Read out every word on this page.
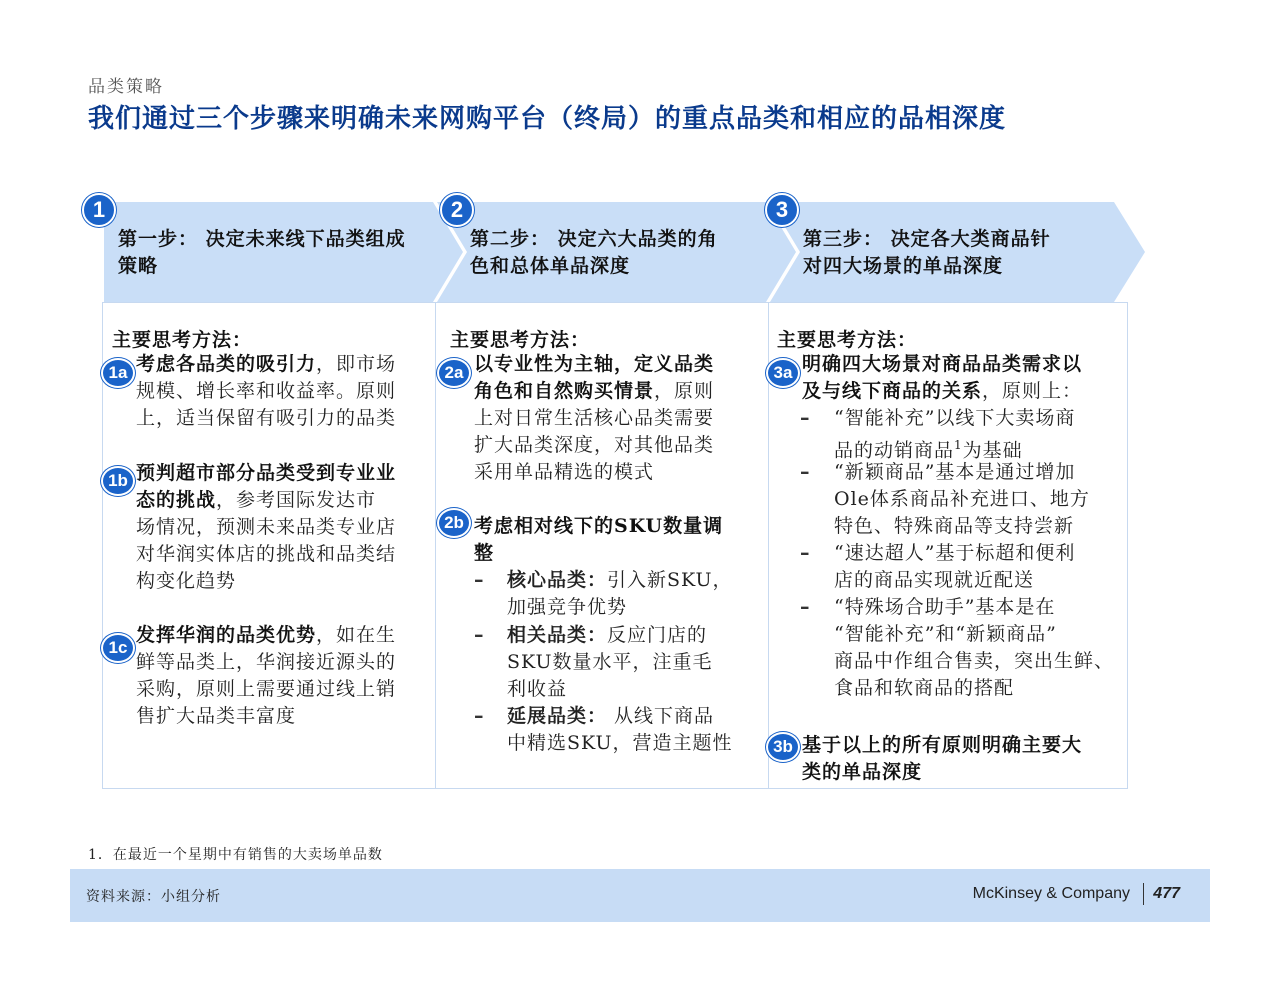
品类策略
我们通过三个步骤来明确未来网购平台（终局）的重点品类和相应的品相深度
1	2	3
第一步： 决定未来线下品类组成
策略
第二步： 决定六大品类的角
色和总体单品深度
第三步： 决定各大类商品针
对四大场景的单品深度
主要思考方法：
1a 考虑各品类的吸引力，即市场
规模、增长率和收益率。原则
上，适当保留有吸引力的品类
1b 预判超市部分品类受到专业业
态的挑战，参考国际发达市
场情况，预测未来品类专业店
对华润实体店的挑战和品类结
构变化趋势
1c
发挥华润的品类优势，如在生
鲜等品类上，华润接近源头的
采购，原则上需要通过线上销
售扩大品类丰富度
主要思考方法：
2a 以专业性为主轴，定义品类
角色和自然购买情景，原则
上对日常生活核心品类需要
扩大品类深度，对其他品类
采用单品精选的模式
2b 考虑相对线下的SKU数量调
整
– 核心品类：引入新SKU，
加强竞争优势
– 相关品类：反应门店的
SKU数量水平，注重毛
利收益
– 延展品类： 从线下商品
中精选SKU，营造主题性
主要思考方法：
3a 明确四大场景对商品品类需求以
及与线下商品的关系，原则上：
– “智能补充”以线下大卖场商
品的动销商品$^1$为基础
– “新颖商品”基本是通过增加
Ole体系商品补充进口、地方
特色、特殊商品等支持尝新
– “速达超人”基于标超和便利
店的商品实现就近配送
– “特殊场合助手”基本是在
“智能补充”和“新颖商品”
商品中作组合售卖，突出生鲜、
食品和软商品的搭配
3b 基于以上的所有原则明确主要大
类的单品深度
1．在最近一个星期中有销售的大卖场单品数
资料来源：小组分析	McKinsey & Company 477
